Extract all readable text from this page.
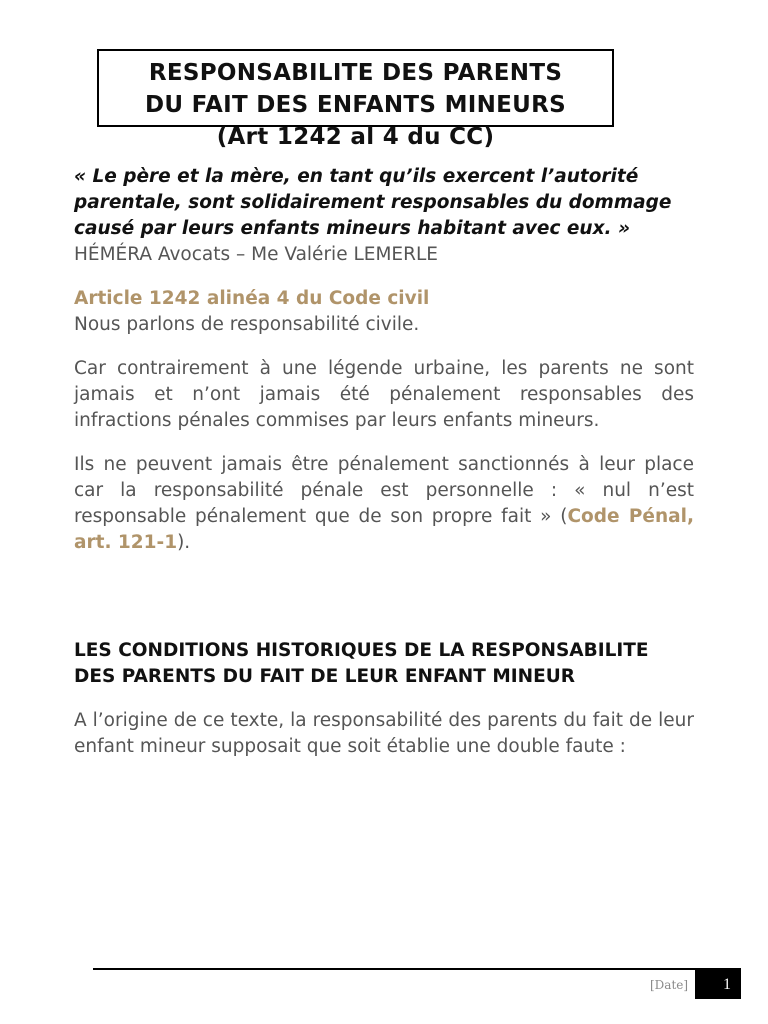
RESPONSABILITE DES PARENTS
DU FAIT DES ENFANTS MINEURS
(Art 1242 al 4 du CC)

« Le père et la mère, en tant qu’ils exercent l’autorité parentale, sont solidairement responsables du dommage causé par leurs enfants mineurs habitant avec eux. »

HÉMÉRA Avocats – Me Valérie LEMERLE

Article 1242 alinéa 4 du Code civil

Nous parlons de responsabilité civile.

Car contrairement à une légende urbaine, les parents ne sont jamais et n’ont jamais été pénalement responsables des infractions pénales commises par leurs enfants mineurs.

Ils ne peuvent jamais être pénalement sanctionnés à leur place car la responsabilité pénale est personnelle : « nul n’est responsable pénalement que de son propre fait » (Code Pénal, art. 121-1).

LES CONDITIONS HISTORIQUES DE LA RESPONSABILITE DES PARENTS DU FAIT DE LEUR ENFANT MINEUR

A l’origine de ce texte, la responsabilité des parents du fait de leur enfant mineur supposait que soit établie une double faute :

[Date]	1
